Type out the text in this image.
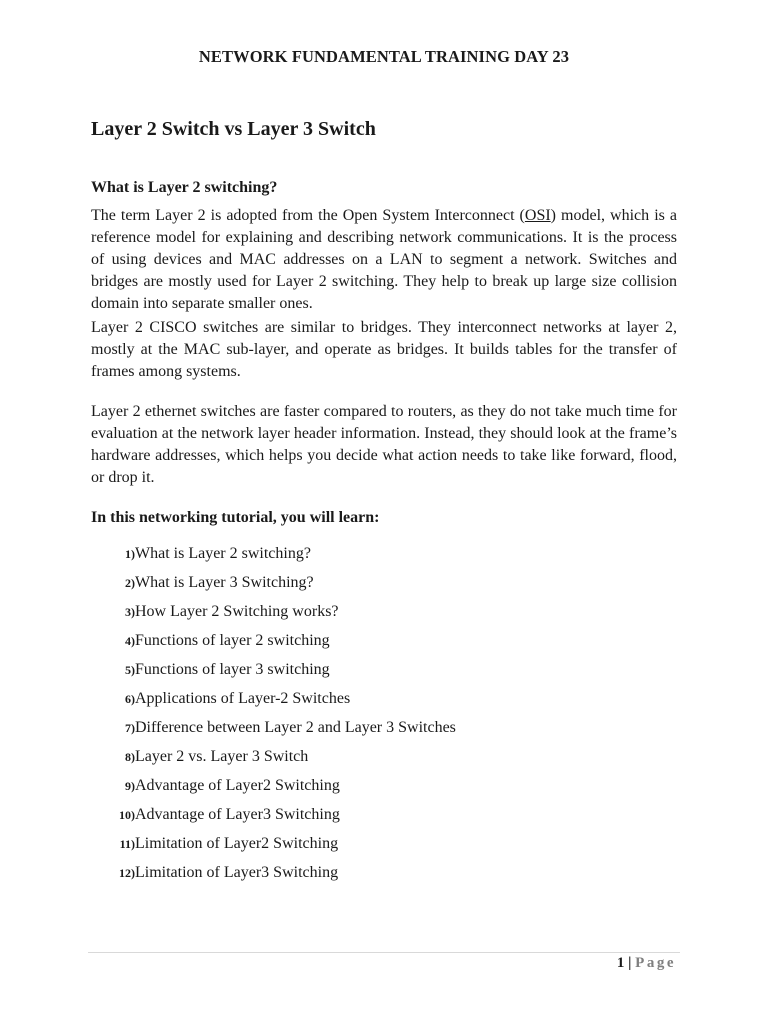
NETWORK FUNDAMENTAL TRAINING DAY 23
Layer 2 Switch vs Layer 3 Switch
What is Layer 2 switching?

The term Layer 2 is adopted from the Open System Interconnect (OSI) model, which is a reference model for explaining and describing network communications. It is the process of using devices and MAC addresses on a LAN to segment a network. Switches and bridges are mostly used for Layer 2 switching. They help to break up large size collision domain into separate smaller ones.

Layer 2 CISCO switches are similar to bridges. They interconnect networks at layer 2, mostly at the MAC sub-layer, and operate as bridges. It builds tables for the transfer of frames among systems.

Layer 2 ethernet switches are faster compared to routers, as they do not take much time for evaluation at the network layer header information. Instead, they should look at the frame’s hardware addresses, which helps you decide what action needs to take like forward, flood, or drop it.

In this networking tutorial, you will learn:
1) What is Layer 2 switching?
2) What is Layer 3 Switching?
3) How Layer 2 Switching works?
4) Functions of layer 2 switching
5) Functions of layer 3 switching
6) Applications of Layer-2 Switches
7) Difference between Layer 2 and Layer 3 Switches
8) Layer 2 vs. Layer 3 Switch
9) Advantage of Layer2 Switching
10) Advantage of Layer3 Switching
11) Limitation of Layer2 Switching
12) Limitation of Layer3 Switching
1 | Page
